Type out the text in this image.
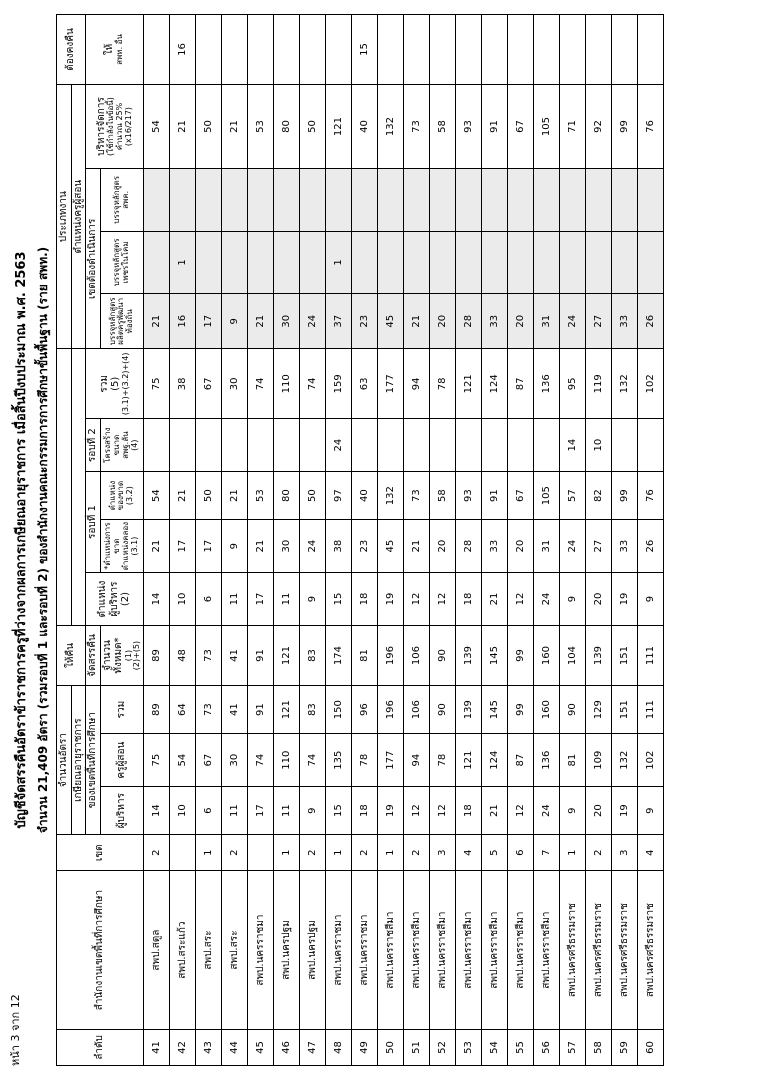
หน้า 3 จาก 12
บัญชีจัดสรรคืนอัตราข้าราชการครูที่ว่างจากผลการเกษียณอายุราชการ เมื่อสิ้นปีงบประมาณ พ.ศ. 2563 จำนวน 21,409 อัตรา (รวมรอบที่ 1 และรอบที่ 2) ของสำนักงานคณะกรรมการการศึกษาขั้นพื้นฐาน (ราย สพท.)
ลำดับ	สำนักงานเขตพื้นที่การศึกษา	เขต	จำนวนอัตรา			ให้คืน						ประเภทงาน				ต้องคงคืน
			เกษียณอายุราชการ									ตำแหน่งครูผู้สอน				
ของเขตพื้นที่การศึกษา	จัดสรรคืน	
ตำแหน่ง ผู้บริหาร (2)
	รอบที่ 1	รอบที่ 2	
รวม (5) (3.1)+(3.2)+(4)
	เขตต้องดำเนินการ	
บริหารจัดการ (ใช้กำลังในข้อนี้) คำนวณ 25% (x16/217)

ให้ สพท. อื่น

ผู้บริหาร	ครูผู้สอน	รวม	
จำนวน ทั้งหมด* (1) (2)+(5)

*ตำแหน่งการขาด ตำแหน่งคลอง (3.1)

ตำแหน่ง ของขาด (3.2)

โครงสร้างขนาด สพฐ.ลัน (4)

บรรจุหลักสูตร ผลิตครูพัฒนาท้องถิ่น

บรรจุหลักสูตร เพชรในโคม

บรรจุหลักสูตร สพค.

41	สพป.สตูล	2	14	75	89	89	14	21	54		75	21			54	
42	สพป.สระแก้ว		10	54	64	48	10	17	21		38	16	1		21	16
43	สพป.สระ	1	6	67	73	73	6	17	50		67	17			50	
44	สพป.สระ	2	11	30	41	41	11	9	21		30	9			21	
45	สพป.นครราชมา		17	74	91	91	17	21	53		74	21			53	
46	สพป.นครปฐม	1	11	110	121	121	11	30	80		110	30			80	
47	สพป.นครปฐม	2	9	74	83	83	9	24	50		74	24			50	
48	สพป.นครราชมา	1	15	135	150	174	15	38	97	24	159	37	1		121	
49	สพป.นครราชมา	2	18	78	96	81	18	23	40		63	23			40	15
50	สพป.นครราชสีมา	1	19	177	196	196	19	45	132		177	45			132	
51	สพป.นครราชสีมา	2	12	94	106	106	12	21	73		94	21			73	
52	สพป.นครราชสีมา	3	12	78	90	90	12	20	58		78	20			58	
53	สพป.นครราชสีมา	4	18	121	139	139	18	28	93		121	28			93	
54	สพป.นครราชสีมา	5	21	124	145	145	21	33	91		124	33			91	
55	สพป.นครราชสีมา	6	12	87	99	99	12	20	67		87	20			67	
56	สพป.นครราชสีมา	7	24	136	160	160	24	31	105		136	31			105	
57	สพป.นครศรีธรรมราช	1	9	81	90	104	9	24	57	14	95	24			71	
58	สพป.นครศรีธรรมราช	2	20	109	129	139	20	27	82	10	119	27			92	
59	สพป.นครศรีธรรมราช	3	19	132	151	151	19	33	99		132	33			99	
60	สพป.นครศรีธรรมราช	4	9	102	111	111	9	26	76		102	26			76	
